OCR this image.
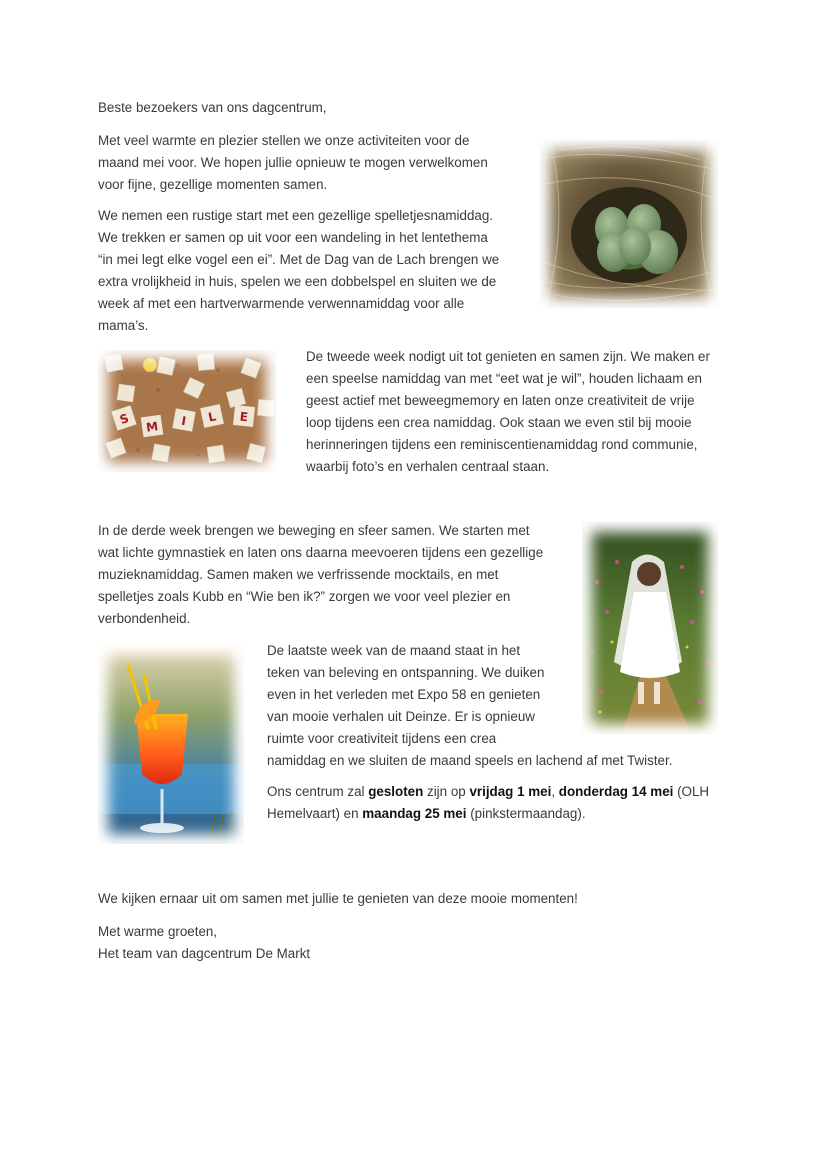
Beste bezoekers van ons dagcentrum,

Met veel warmte en plezier stellen we onze activiteiten voor de
maand mei voor. We hopen jullie opnieuw te mogen verwelkomen
voor fijne, gezellige momenten samen.
We nemen een rustige start met een gezellige spelletjesnamiddag.
We trekken er samen op uit voor een wandeling in het lentethema
“in mei legt elke vogel een ei”. Met de Dag van de Lach brengen we
extra vrolijkheid in huis, spelen we een dobbelspel en sluiten we de
week af met een hartverwarmende verwennamiddag voor alle
mama’s.
S
M I L E
De tweede week nodigt uit tot genieten en samen zijn. We maken er
een speelse namiddag van met “eet wat je wil”, houden lichaam en
geest actief met beweegmemory en laten onze creativiteit de vrije
loop tijdens een crea namiddag. Ook staan we even stil bij mooie
herinneringen tijdens een reminiscentienamiddag rond communie,
waarbij foto’s en verhalen centraal staan.
In de derde week brengen we beweging en sfeer samen. We starten met
wat lichte gymnastiek en laten ons daarna meevoeren tijdens een gezellige
muzieknamiddag. Samen maken we verfrissende mocktails, en met
spelletjes zoals Kubb en “Wie ben ik?” zorgen we voor veel plezier en
verbondenheid.
De laatste week van de maand staat in het
teken van beleving en ontspanning. We duiken
even in het verleden met Expo 58 en genieten
van mooie verhalen uit Deinze. Er is opnieuw
ruimte voor creativiteit tijdens een crea
namiddag en we sluiten de maand speels en lachend af met Twister.
Ons centrum zal gesloten zijn op vrijdag 1 mei, donderdag 14 mei (OLH
Hemelvaart) en maandag 25 mei (pinkstermaandag).

We kijken ernaar uit om samen met jullie te genieten van deze mooie momenten!

Met warme groeten,

Het team van dagcentrum De Markt
